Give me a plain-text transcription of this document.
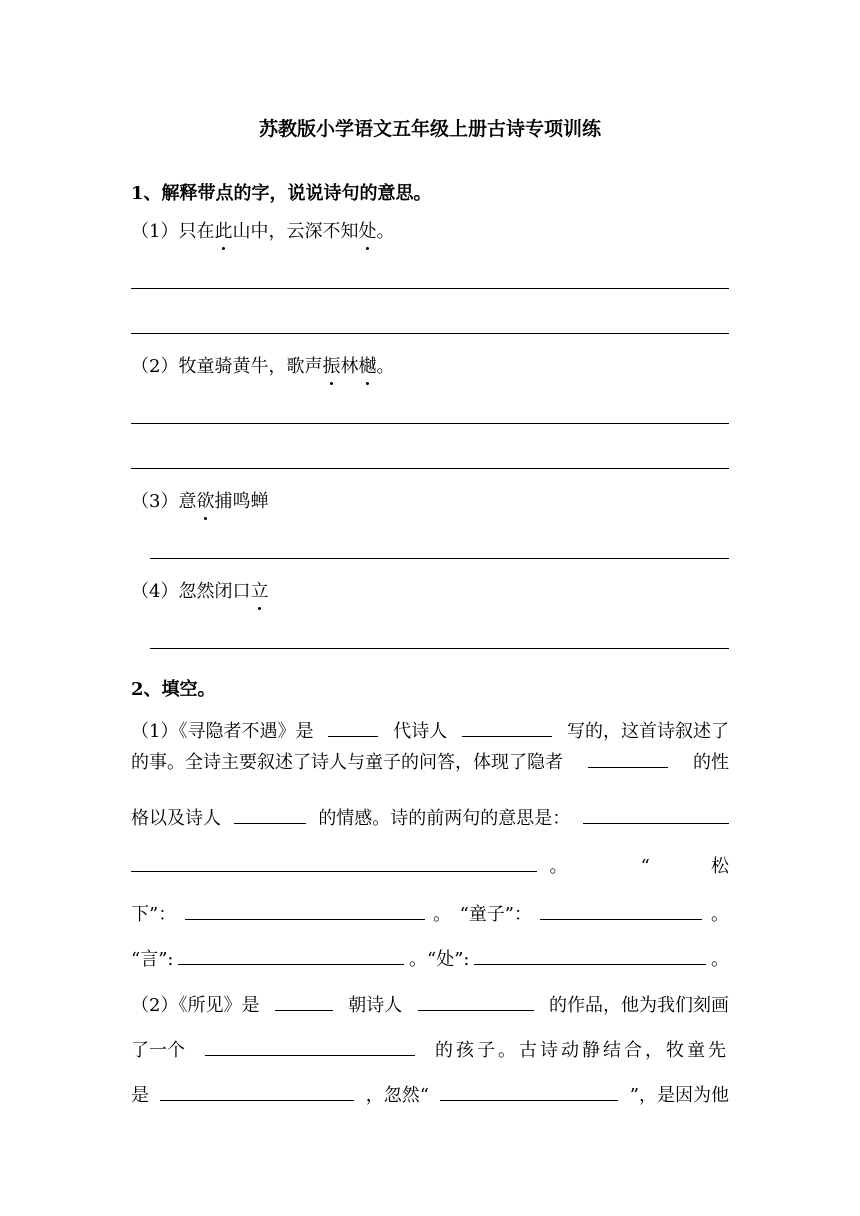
苏教版小学语文五年级上册古诗专项训练
1、解释带点的字，说说诗句的意思。
（1）只在此山中，云深不知处。
（2）牧童骑黄牛，歌声振林樾。
（3）意欲捕鸣蝉
（4）忽然闭口立
2、填空。
（1）《寻隐者不遇》是	代诗人	写的，这首诗叙述了
的事。全诗主要叙述了诗人与童子的问答，体现了隐者	的性
格以及诗人	的情感。诗的前两句的意思是：
。	“	松
下”：	。 “童子”：	。
“言”:	。“处”:	。
（2）《所见》是	朝诗人	的作品，他为我们刻画
了一个	的孩子。古诗动静结合，牧童先
是	，忽然“	”，是因为他
